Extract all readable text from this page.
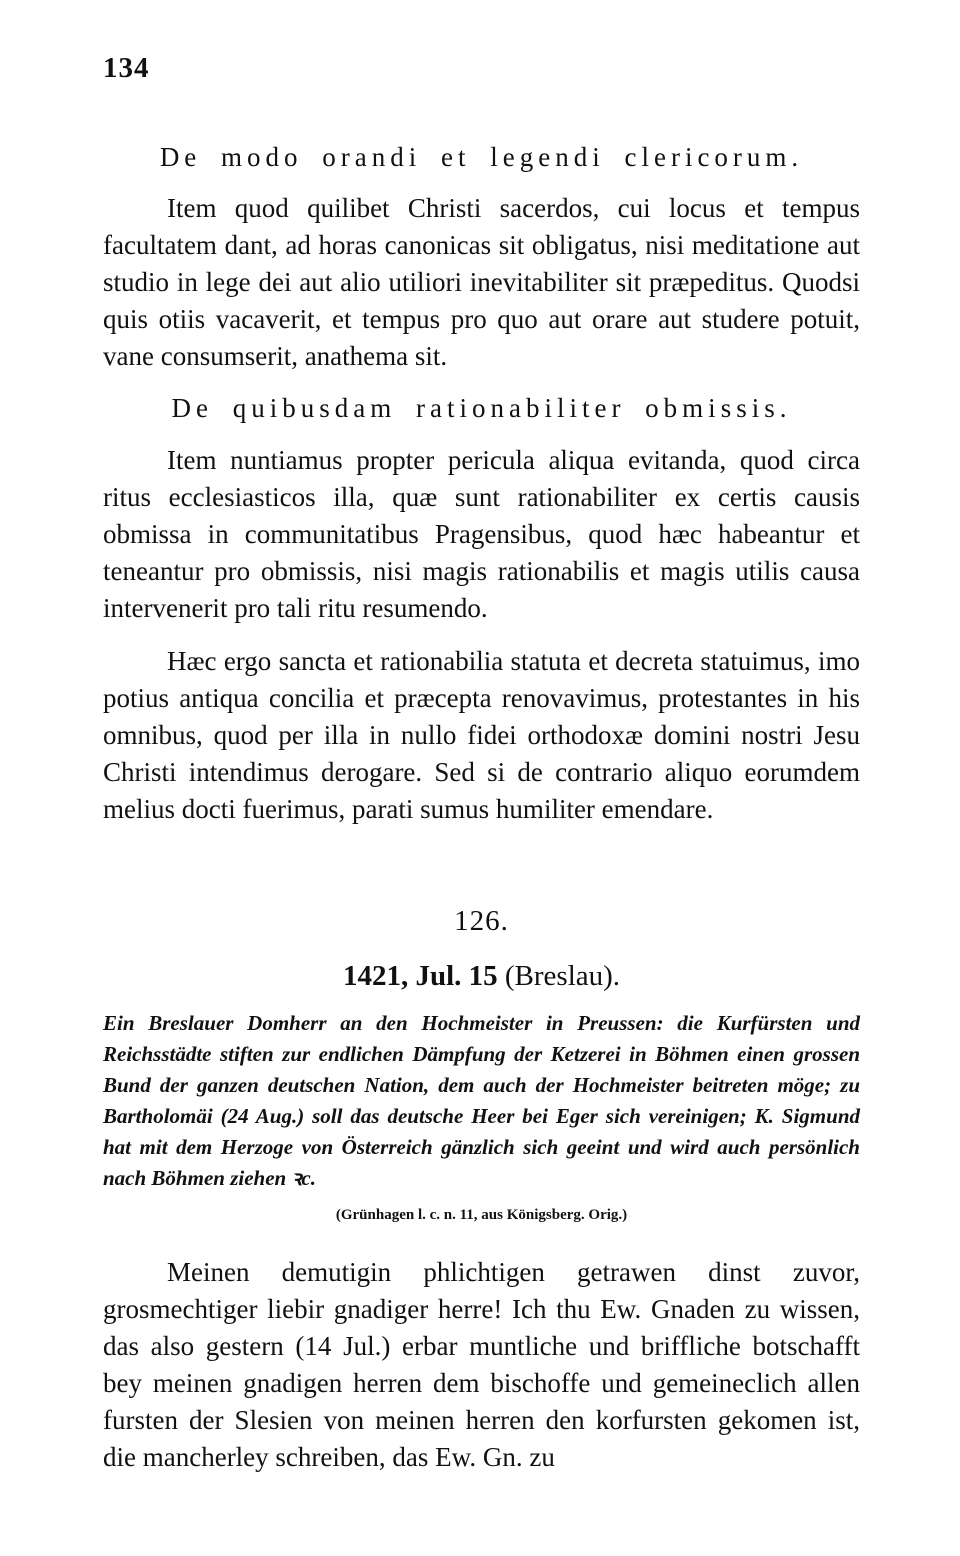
134
De modo orandi et legendi clericorum.
Item quod quilibet Christi sacerdos, cui locus et tempus facultatem dant, ad horas canonicas sit obligatus, nisi meditatione aut studio in lege dei aut alio utiliori inevitabiliter sit præpeditus. Quodsi quis otiis vacaverit, et tempus pro quo aut orare aut studere potuit, vane consumserit, anathema sit.
De quibusdam rationabiliter obmissis.
Item nuntiamus propter pericula aliqua evitanda, quod circa ritus ecclesiasticos illa, quæ sunt rationabiliter ex certis causis obmissa in communitatibus Pragensibus, quod hæc habeantur et teneantur pro obmissis, nisi magis rationabilis et magis utilis causa intervenerit pro tali ritu resumendo.
Hæc ergo sancta et rationabilia statuta et decreta statuimus, imo potius antiqua concilia et præcepta renovavimus, protestantes in his omnibus, quod per illa in nullo fidei orthodoxæ domini nostri Jesu Christi intendimus derogare. Sed si de contrario aliquo eorumdem melius docti fuerimus, parati sumus humiliter emendare.
126.
1421, Jul. 15 (Breslau).
Ein Breslauer Domherr an den Hochmeister in Preussen: die Kurfürsten und Reichsstädte stiften zur endlichen Dämpfung der Ketzerei in Böhmen einen grossen Bund der ganzen deutschen Nation, dem auch der Hochmeister beitreten möge; zu Bartholomäi (24 Aug.) soll das deutsche Heer bei Eger sich vereinigen; K. Sigmund hat mit dem Herzoge von Österreich gänzlich sich geeint und wird auch persönlich nach Böhmen ziehen ꝛc.
(Grünhagen l. c. n. 11, aus Königsberg. Orig.)
Meinen demutigin phlichtigen getrawen dinst zuvor, grosmechtiger liebir gnadiger herre! Ich thu Ew. Gnaden zu wissen, das also gestern (14 Jul.) erbar muntliche und briffliche botschafft bey meinen gnadigen herren dem bischoffe und gemeineclich allen fursten der Slesien von meinen herren den korfursten gekomen ist, die mancherley schreiben, das Ew. Gn. zu
